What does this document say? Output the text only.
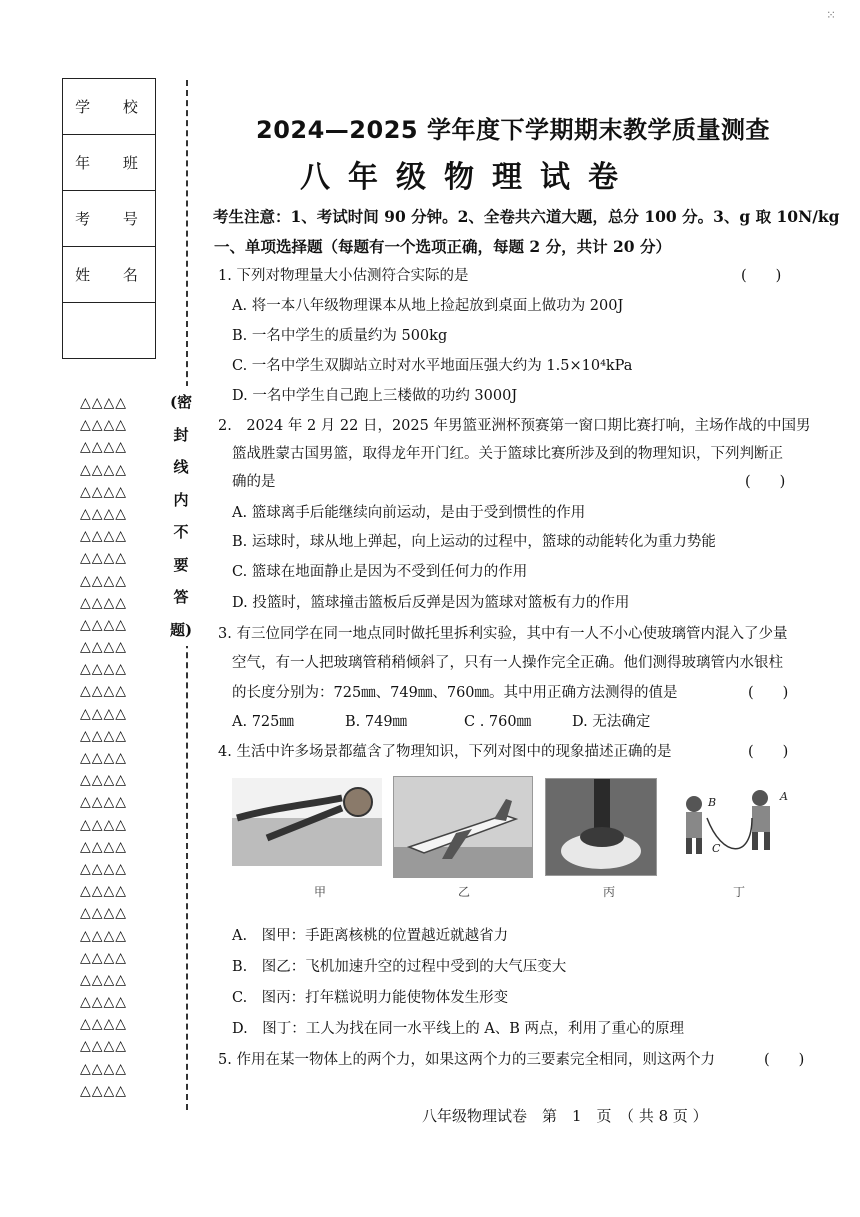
⁙
学 校
年 班
考 号
姓 名

△△△△
△△△△
△△△△
△△△△
△△△△
△△△△
△△△△
△△△△
△△△△
△△△△
△△△△
△△△△
△△△△
△△△△
△△△△
△△△△
△△△△
△△△△
△△△△
△△△△
△△△△
△△△△
△△△△
△△△△
△△△△
△△△△
△△△△
△△△△
△△△△
△△△△
△△△△
△△△△
(密
封
线
内
不
要
答
题)
2024—2025 学年度下学期期末教学质量测查
八年级物理试卷
考生注意：1、考试时间 90 分钟。2、全卷共六道大题，总分 100 分。3、g 取 10N/kg
一、单项选择题（每题有一个选项正确，每题 2 分，共计 20 分）
1. 下列对物理量大小估测符合实际的是	(　　)
A. 将一本八年级物理课本从地上捡起放到桌面上做功为 200J
B. 一名中学生的质量约为 500kg
C. 一名中学生双脚站立时对水平地面压强大约为 1.5×10⁴kPa
D. 一名中学生自己跑上三楼做的功约 3000J
2.　2024 年 2 月 22 日，2025 年男篮亚洲杯预赛第一窗口期比赛打响，主场作战的中国男
篮战胜蒙古国男篮，取得龙年开门红。关于篮球比赛所涉及到的物理知识，下列判断正
确的是	(　　)
A. 篮球离手后能继续向前运动，是由于受到惯性的作用
B. 运球时，球从地上弹起，向上运动的过程中，篮球的动能转化为重力势能
C. 篮球在地面静止是因为不受到任何力的作用
D. 投篮时，篮球撞击篮板后反弹是因为篮球对篮板有力的作用
3. 有三位同学在同一地点同时做托里拆利实验，其中有一人不小心使玻璃管内混入了少量
空气，有一人把玻璃管稍稍倾斜了，只有一人操作完全正确。他们测得玻璃管内水银柱
的长度分别为：725㎜、749㎜、760㎜。其中用正确方法测得的值是	(　　)
A. 725㎜	B. 749㎜	C . 760㎜	D. 无法确定
4. 生活中许多场景都蕴含了物理知识，下列对图中的现象描述正确的是	(　　)
B	A
C
甲	乙	丙	丁
A.　图甲：手距离核桃的位置越近就越省力
B.　图乙：飞机加速升空的过程中受到的大气压变大
C.　图丙：打年糕说明力能使物体发生形变
D.　图丁：工人为找在同一水平线上的 A、B 两点，利用了重心的原理
5. 作用在某一物体上的两个力，如果这两个力的三要素完全相同，则这两个力	(　　)
八年级物理试卷　第　1　页　（ 共 8 页 ）
